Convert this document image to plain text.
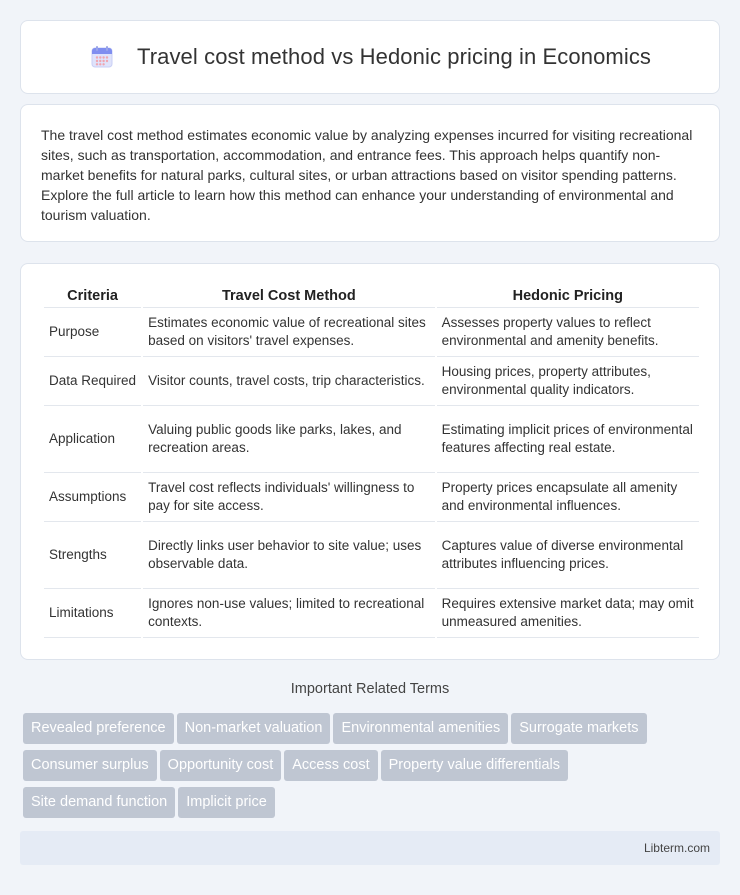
Travel cost method vs Hedonic pricing in Economics

The travel cost method estimates economic value by analyzing expenses incurred for visiting recreational sites, such as transportation, accommodation, and entrance fees. This approach helps quantify non-market benefits for natural parks, cultural sites, or urban attractions based on visitor spending patterns. Explore the full article to learn how this method can enhance your understanding of environmental and tourism valuation.

Criteria	Travel Cost Method	Hedonic Pricing
Purpose	Estimates economic value of recreational sites based on visitors' travel expenses.	Assesses property values to reflect environmental and amenity benefits.
Data Required	Visitor counts, travel costs, trip characteristics.	Housing prices, property attributes, environmental quality indicators.
Application	Valuing public goods like parks, lakes, and recreation areas.	Estimating implicit prices of environmental features affecting real estate.
Assumptions	Travel cost reflects individuals' willingness to pay for site access.	Property prices encapsulate all amenity and environmental influences.
Strengths	Directly links user behavior to site value; uses observable data.	Captures value of diverse environmental attributes influencing prices.
Limitations	Ignores non-use values; limited to recreational contexts.	Requires extensive market data; may omit unmeasured amenities.
Important Related Terms
Revealed preference Non-market valuation Environmental amenities Surrogate markets
Consumer surplus Opportunity cost Access cost Property value differentials
Site demand function Implicit price
Libterm.com
